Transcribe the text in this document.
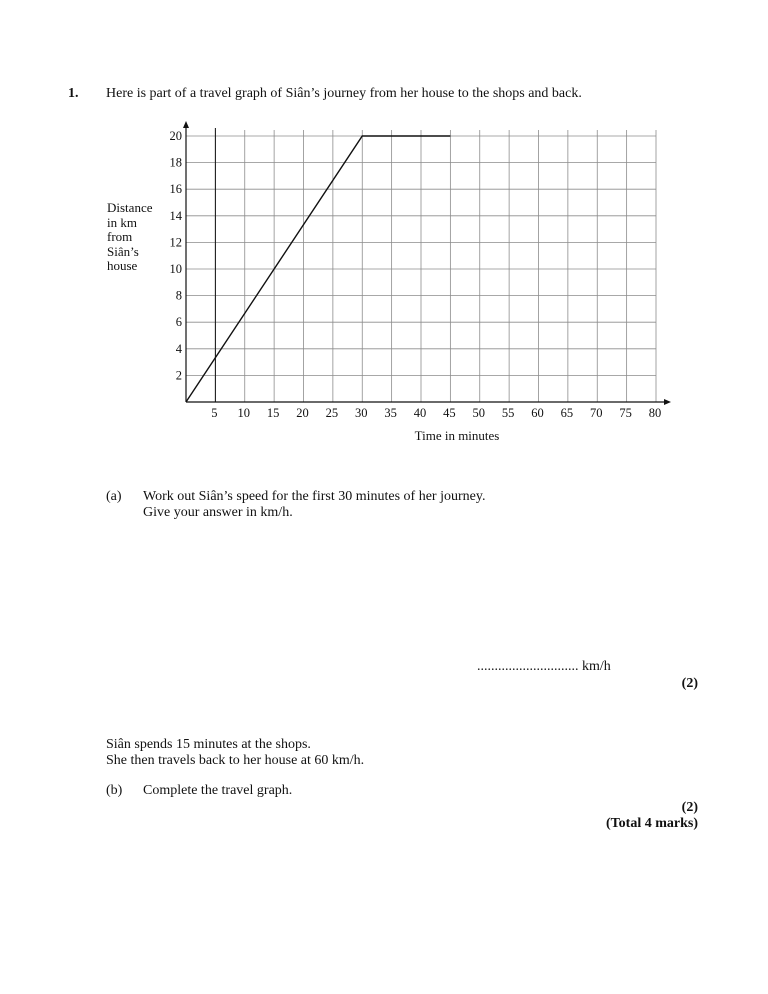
1. Here is part of a travel graph of Siân’s journey from her house to the shops and back.
Distance
in km
from
Siân’s
house
5 10 15 20 25 30 35 40 45 50 55 60 65 70 75 80
2
4
6
8
10
12
14
16
18
20
Time in minutes
(a) Work out Siân’s speed for the first 30 minutes of her journey.
Give your answer in km/h.
............................. km/h
(2)
Siân spends 15 minutes at the shops.
She then travels back to her house at 60 km/h.
(b) Complete the travel graph.
(2)
(Total 4 marks)
